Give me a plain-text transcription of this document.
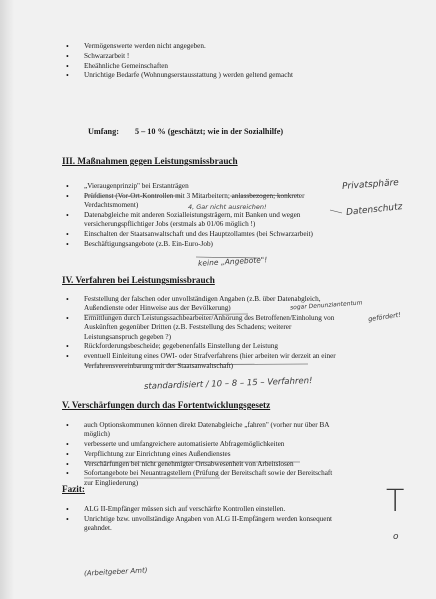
• Vermögenswerte werden nicht angegeben.
• Schwarzarbeit !
• Eheähnliche Gemeinschaften
• Unrichtige Bedarfe (Wohnungserstausstattung ) werden geltend gemacht
Umfang: 5 – 10 % (geschätzt; wie in der Sozialhilfe)
III. Maßnahmen gegen Leistungsmissbrauch
• „Vieraugenprinzip" bei Erstanträgen
• Prüfdienst (Vor-Ort-Kontrollen mit 3 Mitarbeitern; anlassbezogen; konkreter Verdachtsmoment)
• Datenabgleiche mit anderen Sozialleistungsträgern, mit Banken und wegen versicherungspflichtiger Jobs (erstmals ab 01/06 möglich !)
• Einschalten der Staatsanwaltschaft und des Hauptzollamtes (bei Schwarzarbeit)
• Beschäftigungsangebote (z.B. Ein-Euro-Job)
IV. Verfahren bei Leistungsmissbrauch
• Feststellung der falschen oder unvollständigen Angaben (z.B. über Datenabgleich, Außendienste oder Hinweise aus der Bevölkerung)
• Ermittlungen durch Leistungssachbearbeiter/Anhörung des Betroffenen/Einholung von Auskünften gegenüber Dritten (z.B. Feststellung des Schadens; weiterer Leistungsanspruch gegeben ?)
• Rückforderungsbescheide; gegebenenfalls Einstellung der Leistung
• eventuell Einleitung eines OWI- oder Strafverfahrens (hier arbeiten wir derzeit an einer Verfahrensvereinbarung mit der Staatsanwaltschaft)
V. Verschärfungen durch das Fortentwicklungsgesetz
• auch Optionskommunen können direkt Datenabgleiche „fahren" (vorher nur über BA möglich)
• verbesserte und umfangreichere automatisierte Abfragemöglichkeiten
• Verpflichtung zur Einrichtung eines Außendienstes
• Verschärfungen bei nicht genehmigter Ortsabwesenheit von Arbeitslosen
• Sofortangebote bei Neuantragstellern (Prüfung der Bereitschaft sowie der Bereitschaft zur Eingliederung)
Fazit:
• ALG II-Empfänger müssen sich auf verschärfte Kontrollen einstellen.
• Unrichtige bzw. unvollständige Angaben von ALG II-Empfängern werden konsequent geahndet.
Privatsphäre
Datenschutz
4, Gar nicht ausreichen!
keine „Angebote"!
sogar Denunziantentum
gefördert!
standardisiert / 10 – 8 – 15 – Verfahren!
(Arbeitgeber Amt)
T
o
